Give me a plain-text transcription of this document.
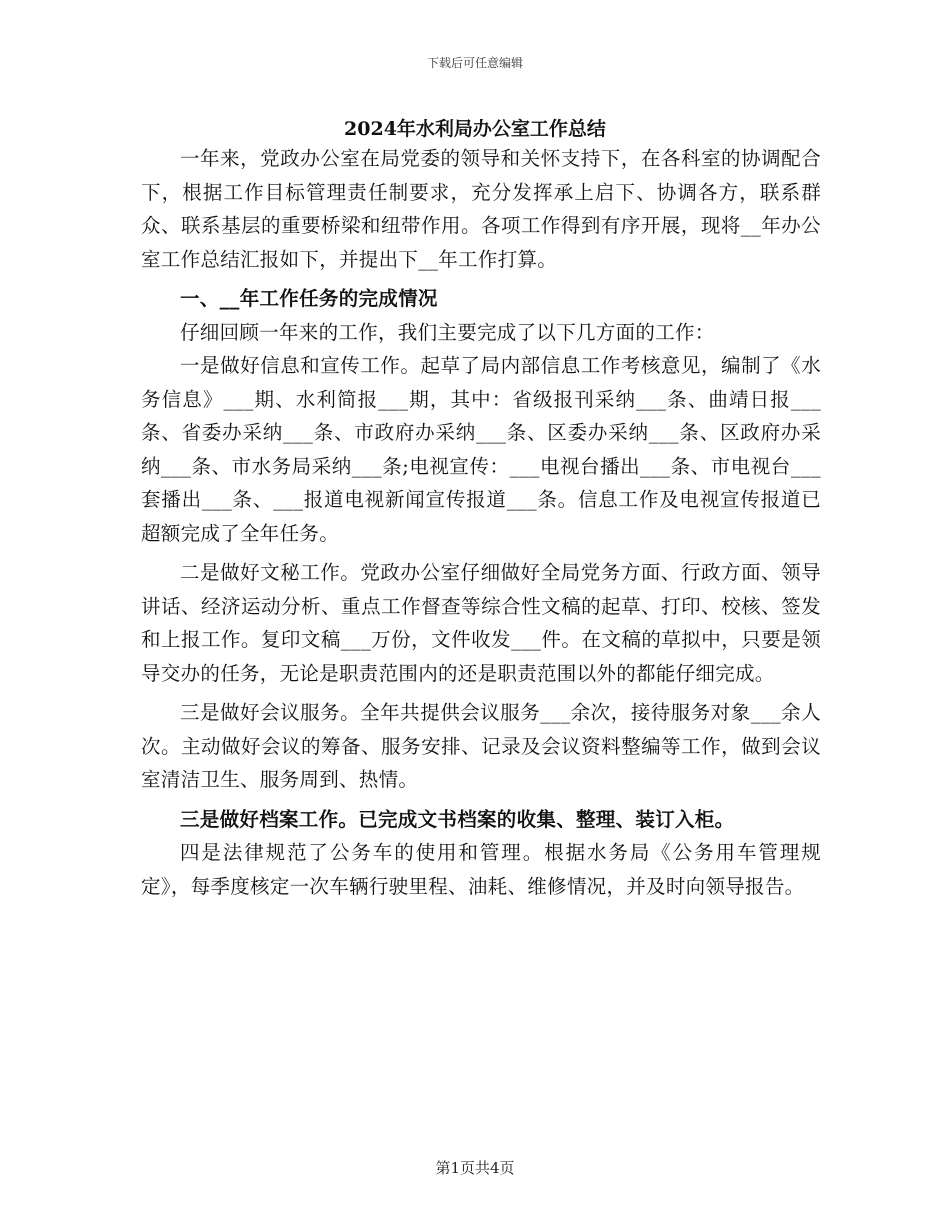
下载后可任意编辑
2024年水利局办公室工作总结

一年来，党政办公室在局党委的领导和关怀支持下，在各科室的协调配合下，根据工作目标管理责任制要求，充分发挥承上启下、协调各方，联系群众、联系基层的重要桥梁和纽带作用。各项工作得到有序开展，现将__年办公室工作总结汇报如下，并提出下__年工作打算。

一、__年工作任务的完成情况

仔细回顾一年来的工作，我们主要完成了以下几方面的工作：

一是做好信息和宣传工作。起草了局内部信息工作考核意见，编制了《水务信息》___期、水利简报___期，其中：省级报刊采纳___条、曲靖日报___条、省委办采纳___条、市政府办采纳___条、区委办采纳___条、区政府办采纳___条、市水务局采纳___条;电视宣传：___电视台播出___条、市电视台___套播出___条、___报道电视新闻宣传报道___条。信息工作及电视宣传报道已超额完成了全年任务。

二是做好文秘工作。党政办公室仔细做好全局党务方面、行政方面、领导讲话、经济运动分析、重点工作督查等综合性文稿的起草、打印、校核、签发和上报工作。复印文稿___万份，文件收发___件。在文稿的草拟中，只要是领导交办的任务，无论是职责范围内的还是职责范围以外的都能仔细完成。

三是做好会议服务。全年共提供会议服务___余次，接待服务对象___余人次。主动做好会议的筹备、服务安排、记录及会议资料整编等工作，做到会议室清洁卫生、服务周到、热情。

三是做好档案工作。已完成文书档案的收集、整理、装订入柜。

四是法律规范了公务车的使用和管理。根据水务局《公务用车管理规定》，每季度核定一次车辆行驶里程、油耗、维修情况，并及时向领导报告。

第1页共4页
